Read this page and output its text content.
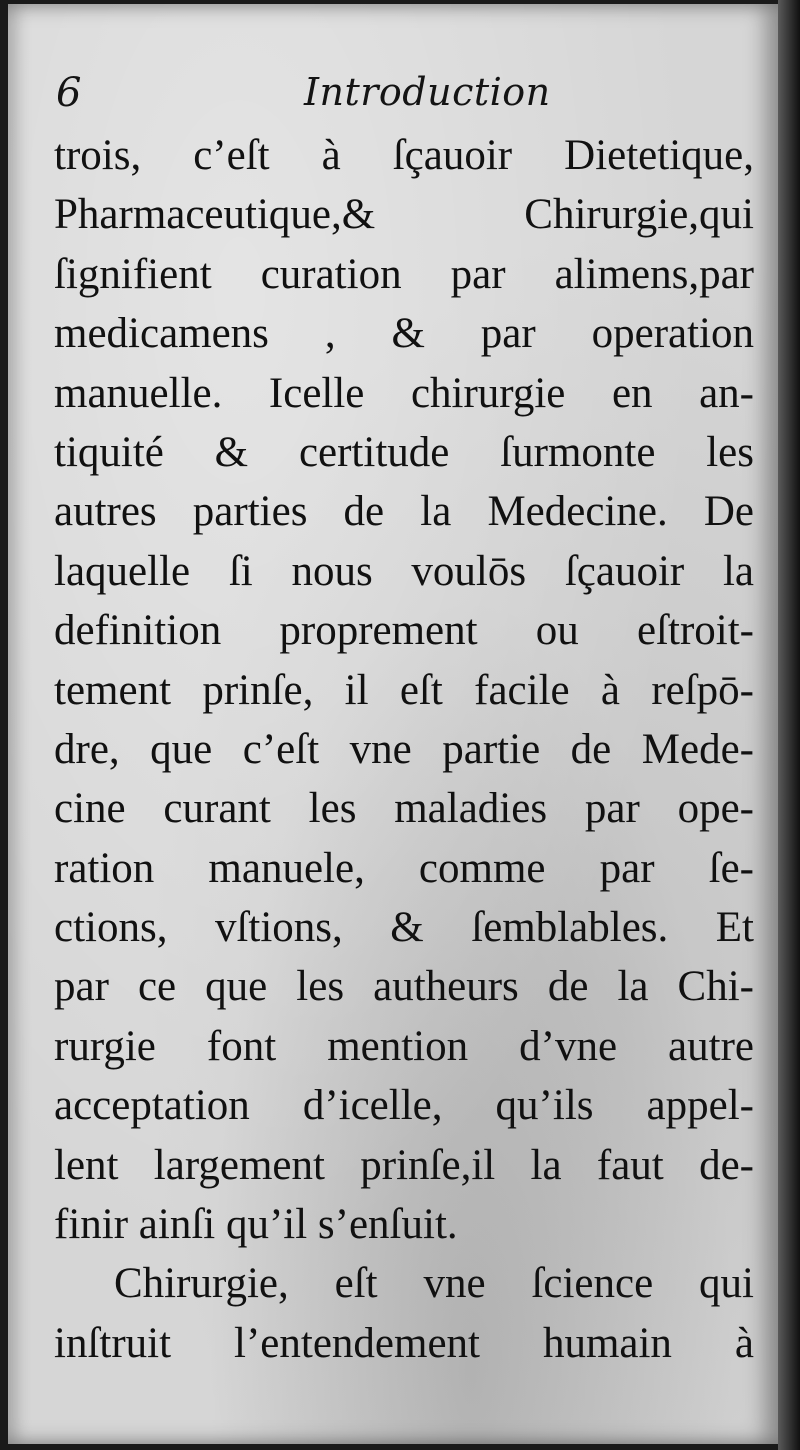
6	Introduction
trois, c’eſt à ſçauoir Dietetique,
Pharmaceutique,& Chirurgie,qui
ſignifient curation par alimens,par
medicamens , & par operation
manuelle. Icelle chirurgie en an-
tiquité & certitude ſurmonte les
autres parties de la Medecine. De
laquelle ſi nous voulōs ſçauoir la
definition proprement ou eſtroit-
tement prinſe, il eſt facile à reſpō-
dre, que c’eſt vne partie de Mede-
cine curant les maladies par ope-
ration manuele, comme par ſe-
ctions, vſtions, & ſemblables. Et
par ce que les autheurs de la Chi-
rurgie font mention d’vne autre
acceptation d’icelle, qu’ils appel-
lent largement prinſe,il la faut de-
finir ainſi qu’il s’enſuit.
Chirurgie, eſt vne ſcience qui
inſtruit l’entendement humain à
